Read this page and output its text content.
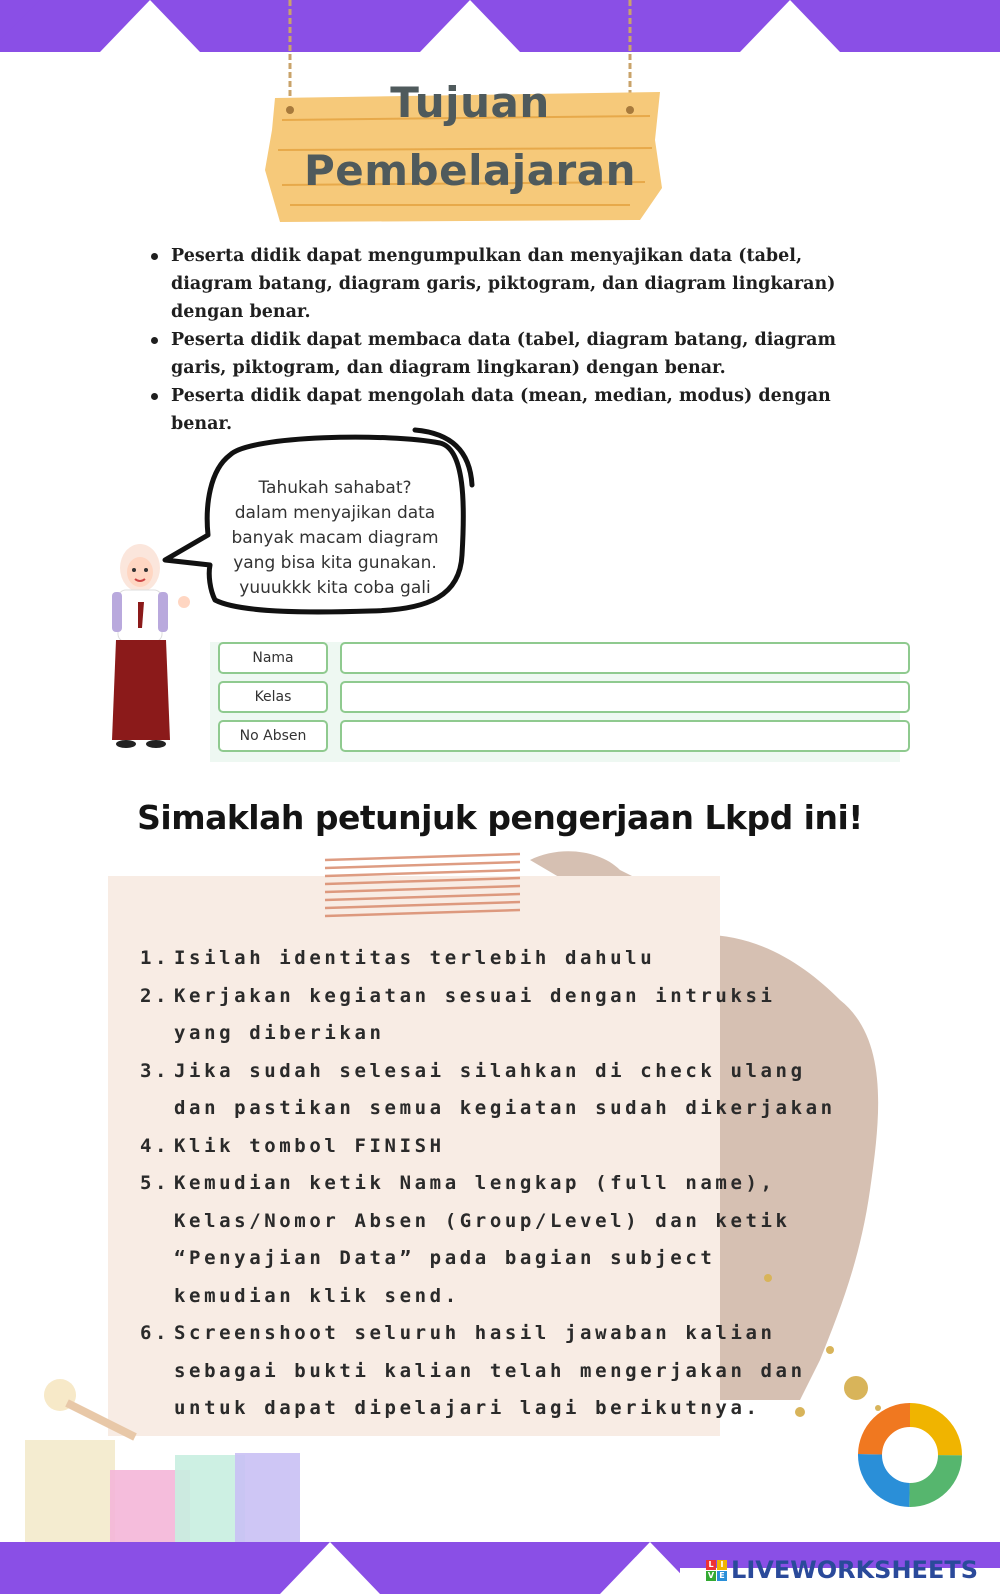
Tujuan
Pembelajaran
Peserta didik dapat mengumpulkan dan menyajikan data (tabel, diagram batang, diagram garis, piktogram, dan diagram lingkaran) dengan benar.
Peserta didik dapat membaca data (tabel, diagram batang, diagram garis, piktogram, dan diagram lingkaran) dengan benar.
Peserta didik dapat mengolah data (mean, median, modus) dengan benar.
Tahukah sahabat?
dalam menyajikan data
banyak macam diagram
yang bisa kita gunakan.
yuuukkk kita coba gali
Nama
Kelas
No Absen
Simaklah petunjuk pengerjaan Lkpd ini!
1. Isilah identitas terlebih dahulu
2. Kerjakan kegiatan sesuai dengan intruksi yang diberikan
3. Jika sudah selesai silahkan di check ulang dan pastikan semua kegiatan sudah dikerjakan
4. Klik tombol FINISH
5. Kemudian ketik Nama lengkap (full name), Kelas/Nomor Absen (Group/Level) dan ketik “Penyajian Data” pada bagian subject kemudian klik send.
6. Screenshoot seluruh hasil jawaban kalian sebagai bukti kalian telah mengerjakan dan untuk dapat dipelajari lagi berikutnya.
L I
V E LIVEWORKSHEETS
